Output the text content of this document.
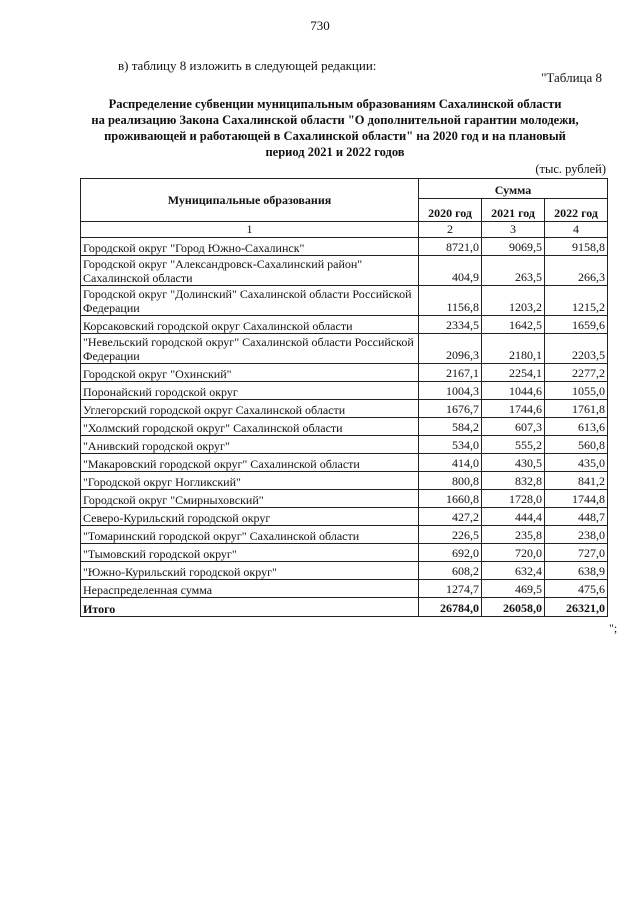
730
в) таблицу 8 изложить в следующей редакции:
"Таблица 8
Распределение субвенции муниципальным образованиям Сахалинской области
на реализацию Закона Сахалинской области "О дополнительной гарантии молодежи,
проживающей и работающей в Сахалинской области" на 2020 год и на плановый
период 2021 и 2022 годов
(тыс. рублей)
Муниципальные образования	Сумма		
	2020 год	2021 год	2022 год
1	2	3	4
Городской округ "Город Южно-Сахалинск"	8721,0	9069,5	9158,8
Городской округ "Александровск-Сахалинский район" Сахалинской области	404,9	263,5	266,3
Городской округ "Долинский" Сахалинской области Российской Федерации	1156,8	1203,2	1215,2
Корсаковский городской округ Сахалинской области	2334,5	1642,5	1659,6
"Невельский городской округ" Сахалинской области Российской Федерации	2096,3	2180,1	2203,5
Городской округ "Охинский"	2167,1	2254,1	2277,2
Поронайский городской округ	1004,3	1044,6	1055,0
Углегорский городской округ Сахалинской области	1676,7	1744,6	1761,8
"Холмский городской округ" Сахалинской области	584,2	607,3	613,6
"Анивский городской округ"	534,0	555,2	560,8
"Макаровский городской округ" Сахалинской области	414,0	430,5	435,0
"Городской округ Ногликский"	800,8	832,8	841,2
Городской округ "Смирныховский"	1660,8	1728,0	1744,8
Северо-Курильский городской округ	427,2	444,4	448,7
"Томаринский городской округ" Сахалинской области	226,5	235,8	238,0
"Тымовский городской округ"	692,0	720,0	727,0
"Южно-Курильский городской округ"	608,2	632,4	638,9
Нераспределенная сумма	1274,7	469,5	475,6
Итого	26784,0	26058,0	26321,0
";
